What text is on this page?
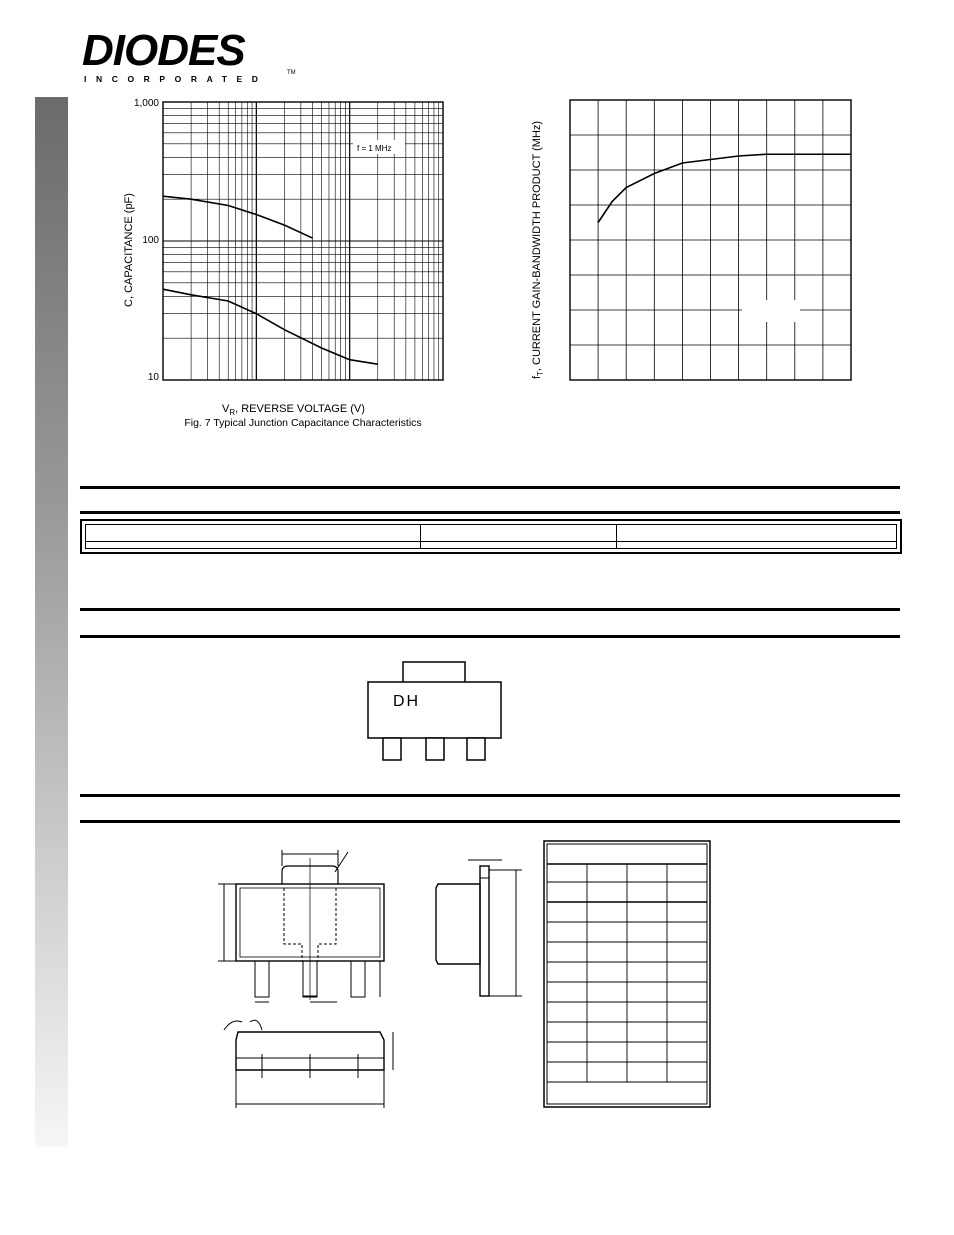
DIODES
INCORPORATED
TM
f = 1 MHz
1,000
100
10
C, CAPACITANCE (pF)
$V_R$, REVERSE VOLTAGE (V)
Fig. 7 Typical Junction Capacitance Characteristics
$f_T$, CURRENT GAIN-BANDWIDTH PRODUCT (MHz)
DH
